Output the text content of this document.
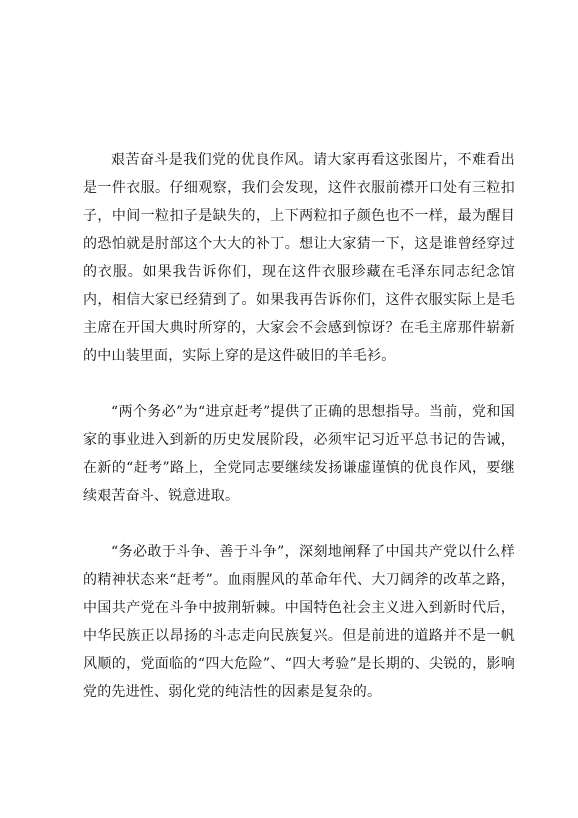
艰苦奋斗是我们党的优良作风。请大家再看这张图片，不难看出是一件衣服。仔细观察，我们会发现，这件衣服前襟开口处有三粒扣子，中间一粒扣子是缺失的，上下两粒扣子颜色也不一样，最为醒目的恐怕就是肘部这个大大的补丁。想让大家猜一下，这是谁曾经穿过的衣服。如果我告诉你们，现在这件衣服珍藏在毛泽东同志纪念馆内，相信大家已经猜到了。如果我再告诉你们，这件衣服实际上是毛主席在开国大典时所穿的，大家会不会感到惊讶？在毛主席那件崭新的中山装里面，实际上穿的是这件破旧的羊毛衫。

“两个务必”为“进京赶考”提供了正确的思想指导。当前，党和国家的事业进入到新的历史发展阶段，必须牢记习近平总书记的告诫，在新的“赶考”路上，全党同志要继续发扬谦虚谨慎的优良作风，要继续艰苦奋斗、锐意进取。

“务必敢于斗争、善于斗争”，深刻地阐释了中国共产党以什么样的精神状态来“赶考”。血雨腥风的革命年代、大刀阔斧的改革之路，中国共产党在斗争中披荆斩棘。中国特色社会主义进入到新时代后，中华民族正以昂扬的斗志走向民族复兴。但是前进的道路并不是一帆风顺的，党面临的“四大危险”、“四大考验”是长期的、尖锐的，影响党的先进性、弱化党的纯洁性的因素是复杂的。
